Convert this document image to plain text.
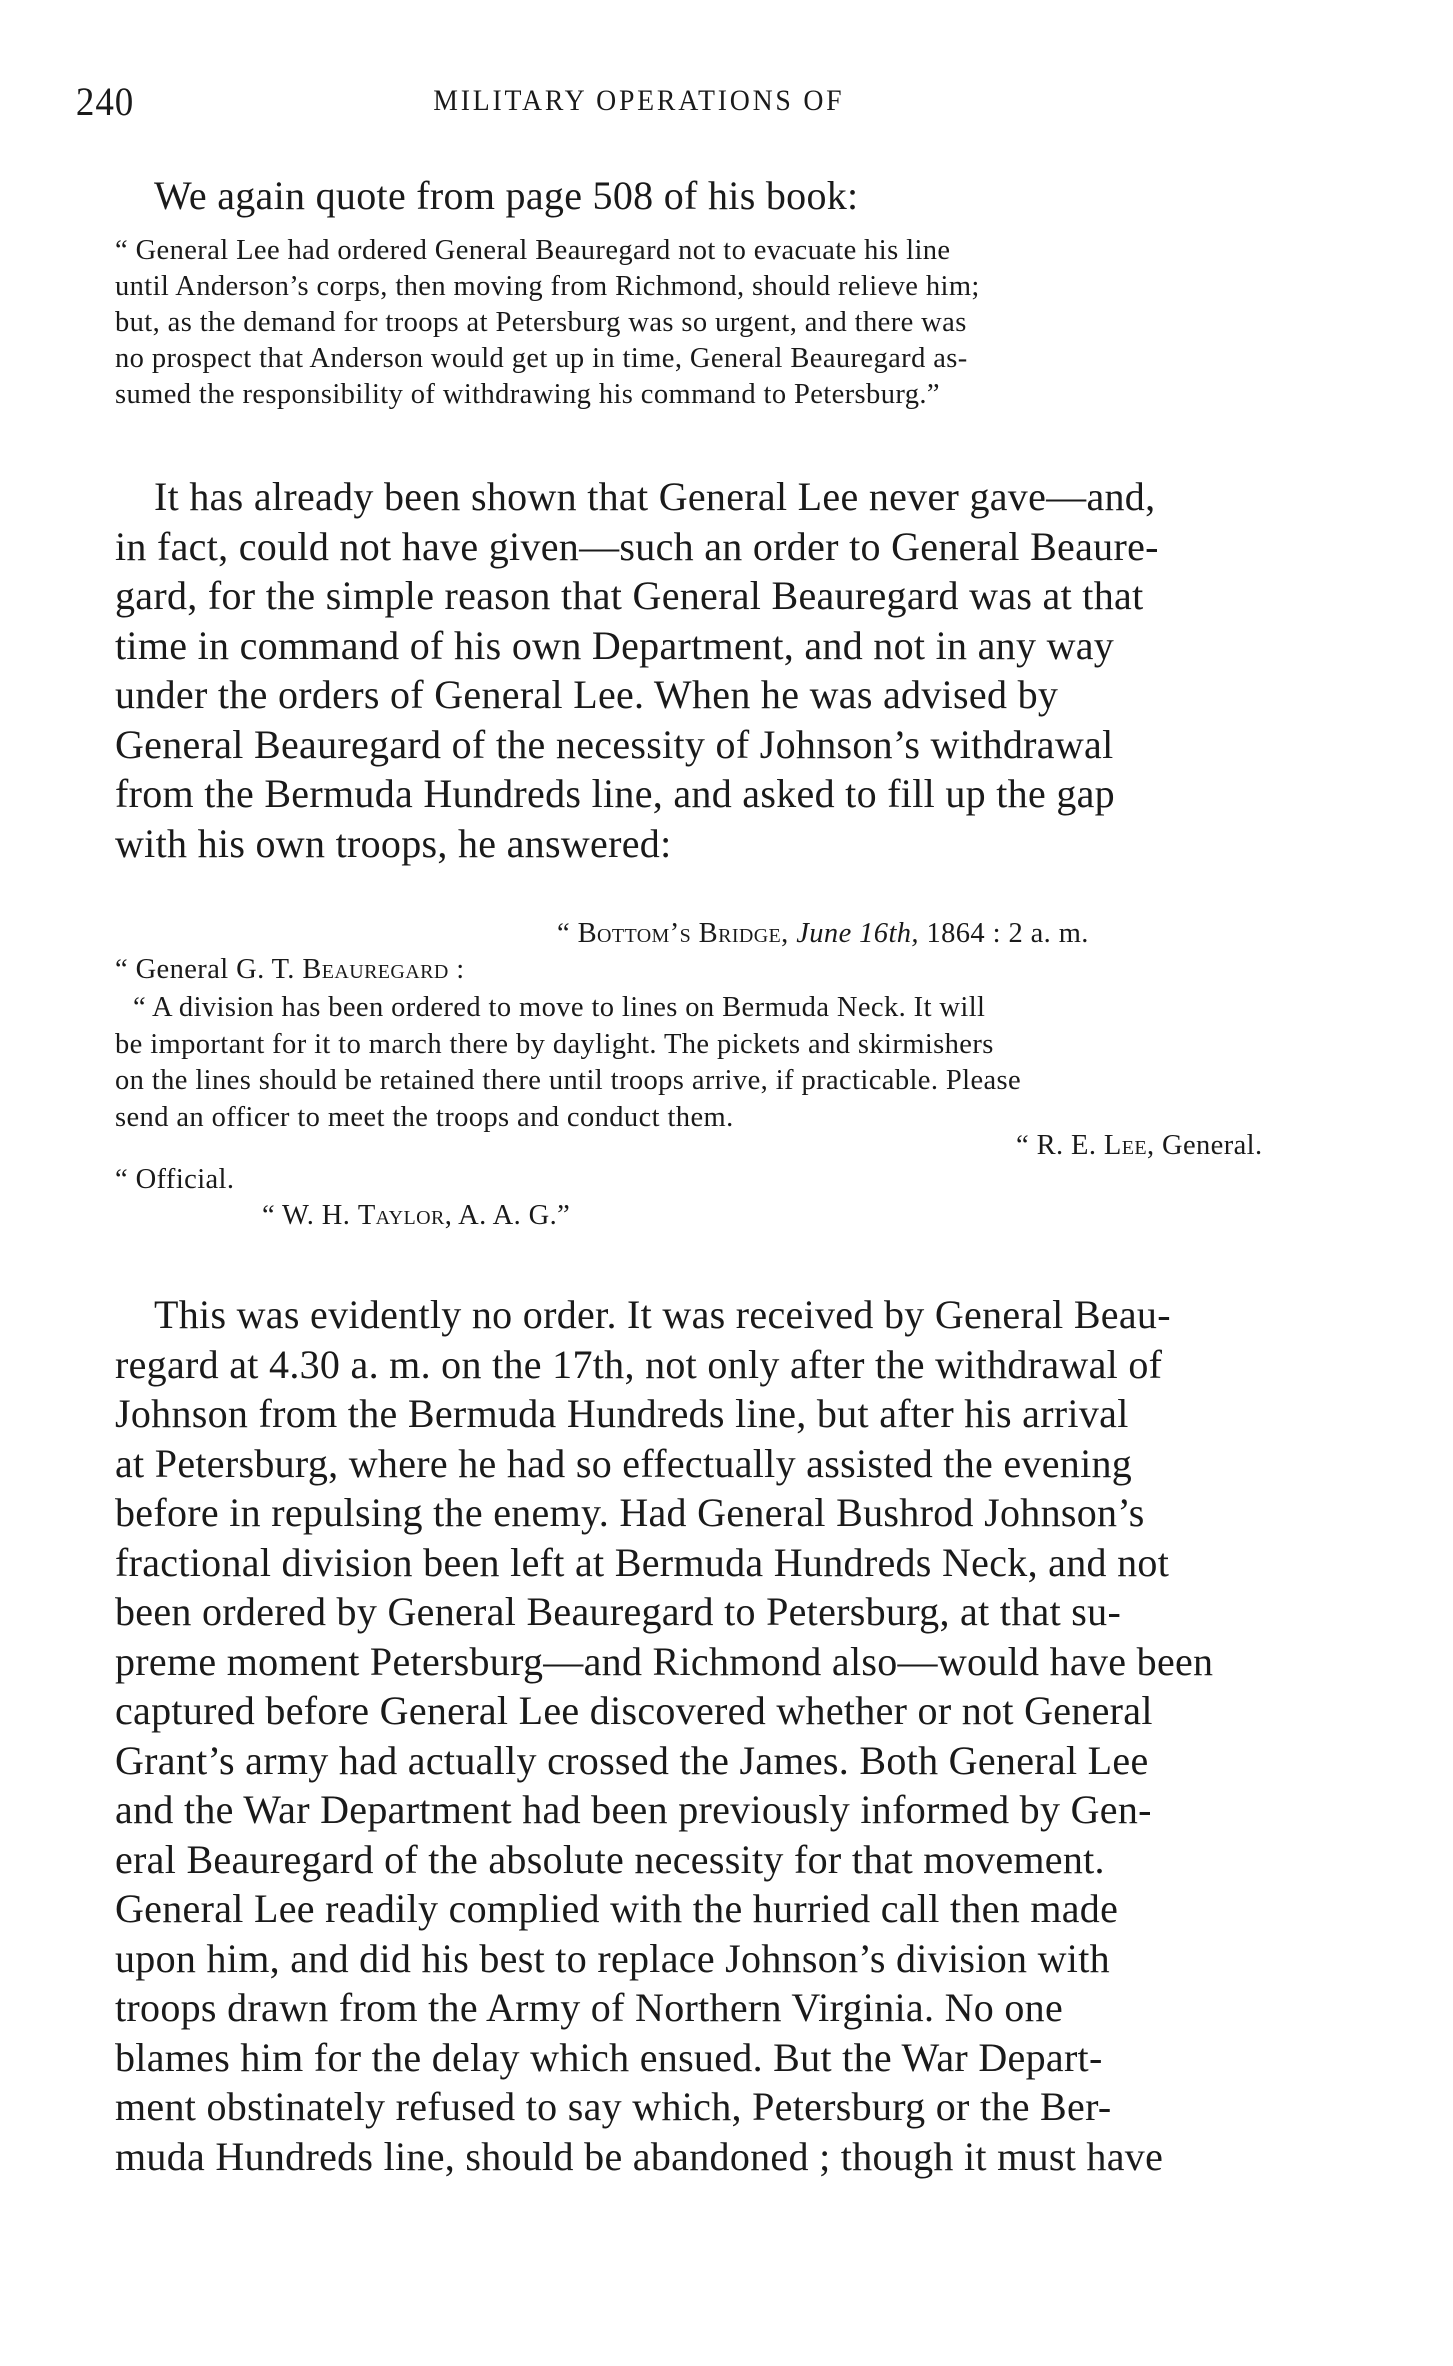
240	MILITARY OPERATIONS OF

We again quote from page 508 of his book:

“ General Lee had ordered General Beauregard not to evacuate his line
until Anderson’s corps, then moving from Richmond, should relieve him;
but, as the demand for troops at Petersburg was so urgent, and there was
no prospect that Anderson would get up in time, General Beauregard as-
sumed the responsibility of withdrawing his command to Petersburg.”
It has already been shown that General Lee never gave—and,
in fact, could not have given—such an order to General Beaure-
gard, for the simple reason that General Beauregard was at that
time in command of his own Department, and not in any way
under the orders of General Lee. When he was advised by
General Beauregard of the necessity of Johnson’s withdrawal
from the Bermuda Hundreds line, and asked to fill up the gap
with his own troops, he answered:
“ Bottom’s Bridge, June 16th, 1864 : 2 a. m.
“ General G. T. Beauregard :
“ A division has been ordered to move to lines on Bermuda Neck. It will
be important for it to march there by daylight. The pickets and skirmishers
on the lines should be retained there until troops arrive, if practicable. Please
send an officer to meet the troops and conduct them.
“ R. E. Lee, General.
“ Official.
“ W. H. Taylor, A. A. G.”
This was evidently no order. It was received by General Beau-
regard at 4.30 a. m. on the 17th, not only after the withdrawal of
Johnson from the Bermuda Hundreds line, but after his arrival
at Petersburg, where he had so effectually assisted the evening
before in repulsing the enemy. Had General Bushrod Johnson’s
fractional division been left at Bermuda Hundreds Neck, and not
been ordered by General Beauregard to Petersburg, at that su-
preme moment Petersburg—and Richmond also—would have been
captured before General Lee discovered whether or not General
Grant’s army had actually crossed the James. Both General Lee
and the War Department had been previously informed by Gen-
eral Beauregard of the absolute necessity for that movement.
General Lee readily complied with the hurried call then made
upon him, and did his best to replace Johnson’s division with
troops drawn from the Army of Northern Virginia. No one
blames him for the delay which ensued. But the War Depart-
ment obstinately refused to say which, Petersburg or the Ber-
muda Hundreds line, should be abandoned ; though it must have
